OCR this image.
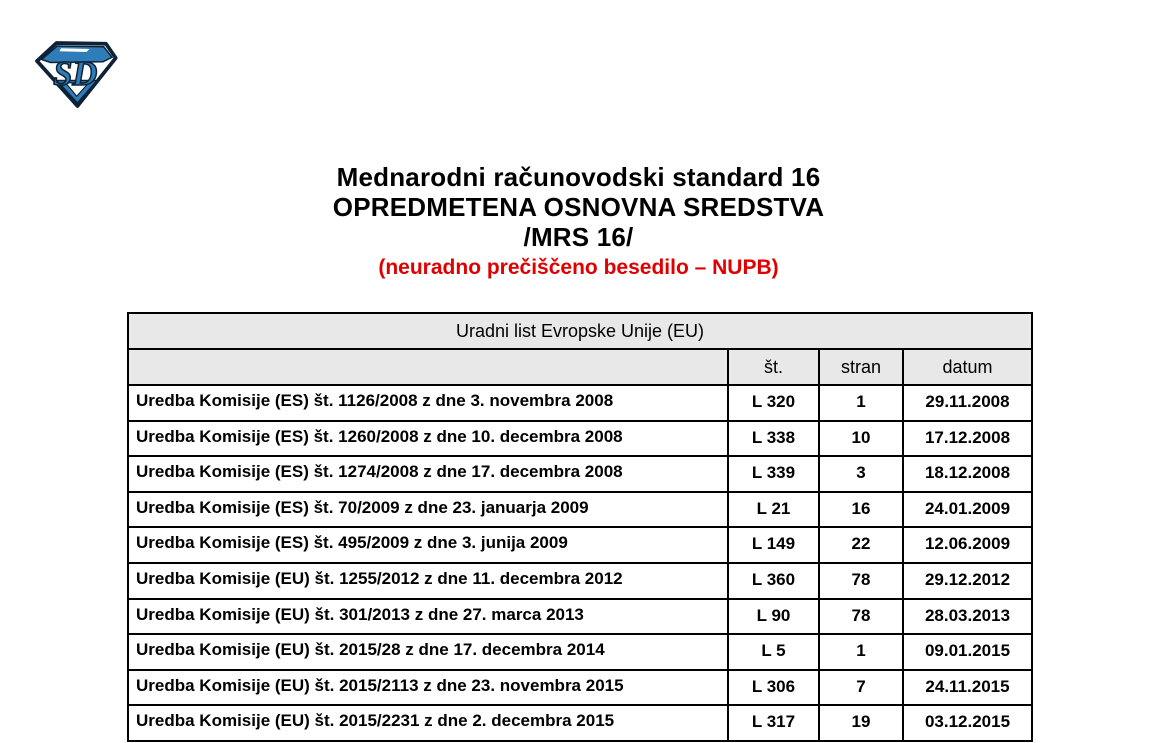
SD
Mednarodni računovodski standard 16
OPREDMETENA OSNOVNA SREDSTVA
/MRS 16/
(neuradno prečiščeno besedilo – NUPB)
Uradni list Evropske Unije (EU)			
	št.	stran	datum
Uredba Komisije (ES) št. 1126/2008 z dne 3. novembra 2008	L 320	1	29.11.2008
Uredba Komisije (ES) št. 1260/2008 z dne 10. decembra 2008	L 338	10	17.12.2008
Uredba Komisije (ES) št. 1274/2008 z dne 17. decembra 2008	L 339	3	18.12.2008
Uredba Komisije (ES) št. 70/2009 z dne 23. januarja 2009	L 21	16	24.01.2009
Uredba Komisije (ES) št. 495/2009 z dne 3. junija 2009	L 149	22	12.06.2009
Uredba Komisije (EU) št. 1255/2012 z dne 11. decembra 2012	L 360	78	29.12.2012
Uredba Komisije (EU) št. 301/2013 z dne 27. marca 2013	L 90	78	28.03.2013
Uredba Komisije (EU) št. 2015/28 z dne 17. decembra 2014	L 5	1	09.01.2015
Uredba Komisije (EU) št. 2015/2113 z dne 23. novembra 2015	L 306	7	24.11.2015
Uredba Komisije (EU) št. 2015/2231 z dne 2. decembra 2015	L 317	19	03.12.2015
